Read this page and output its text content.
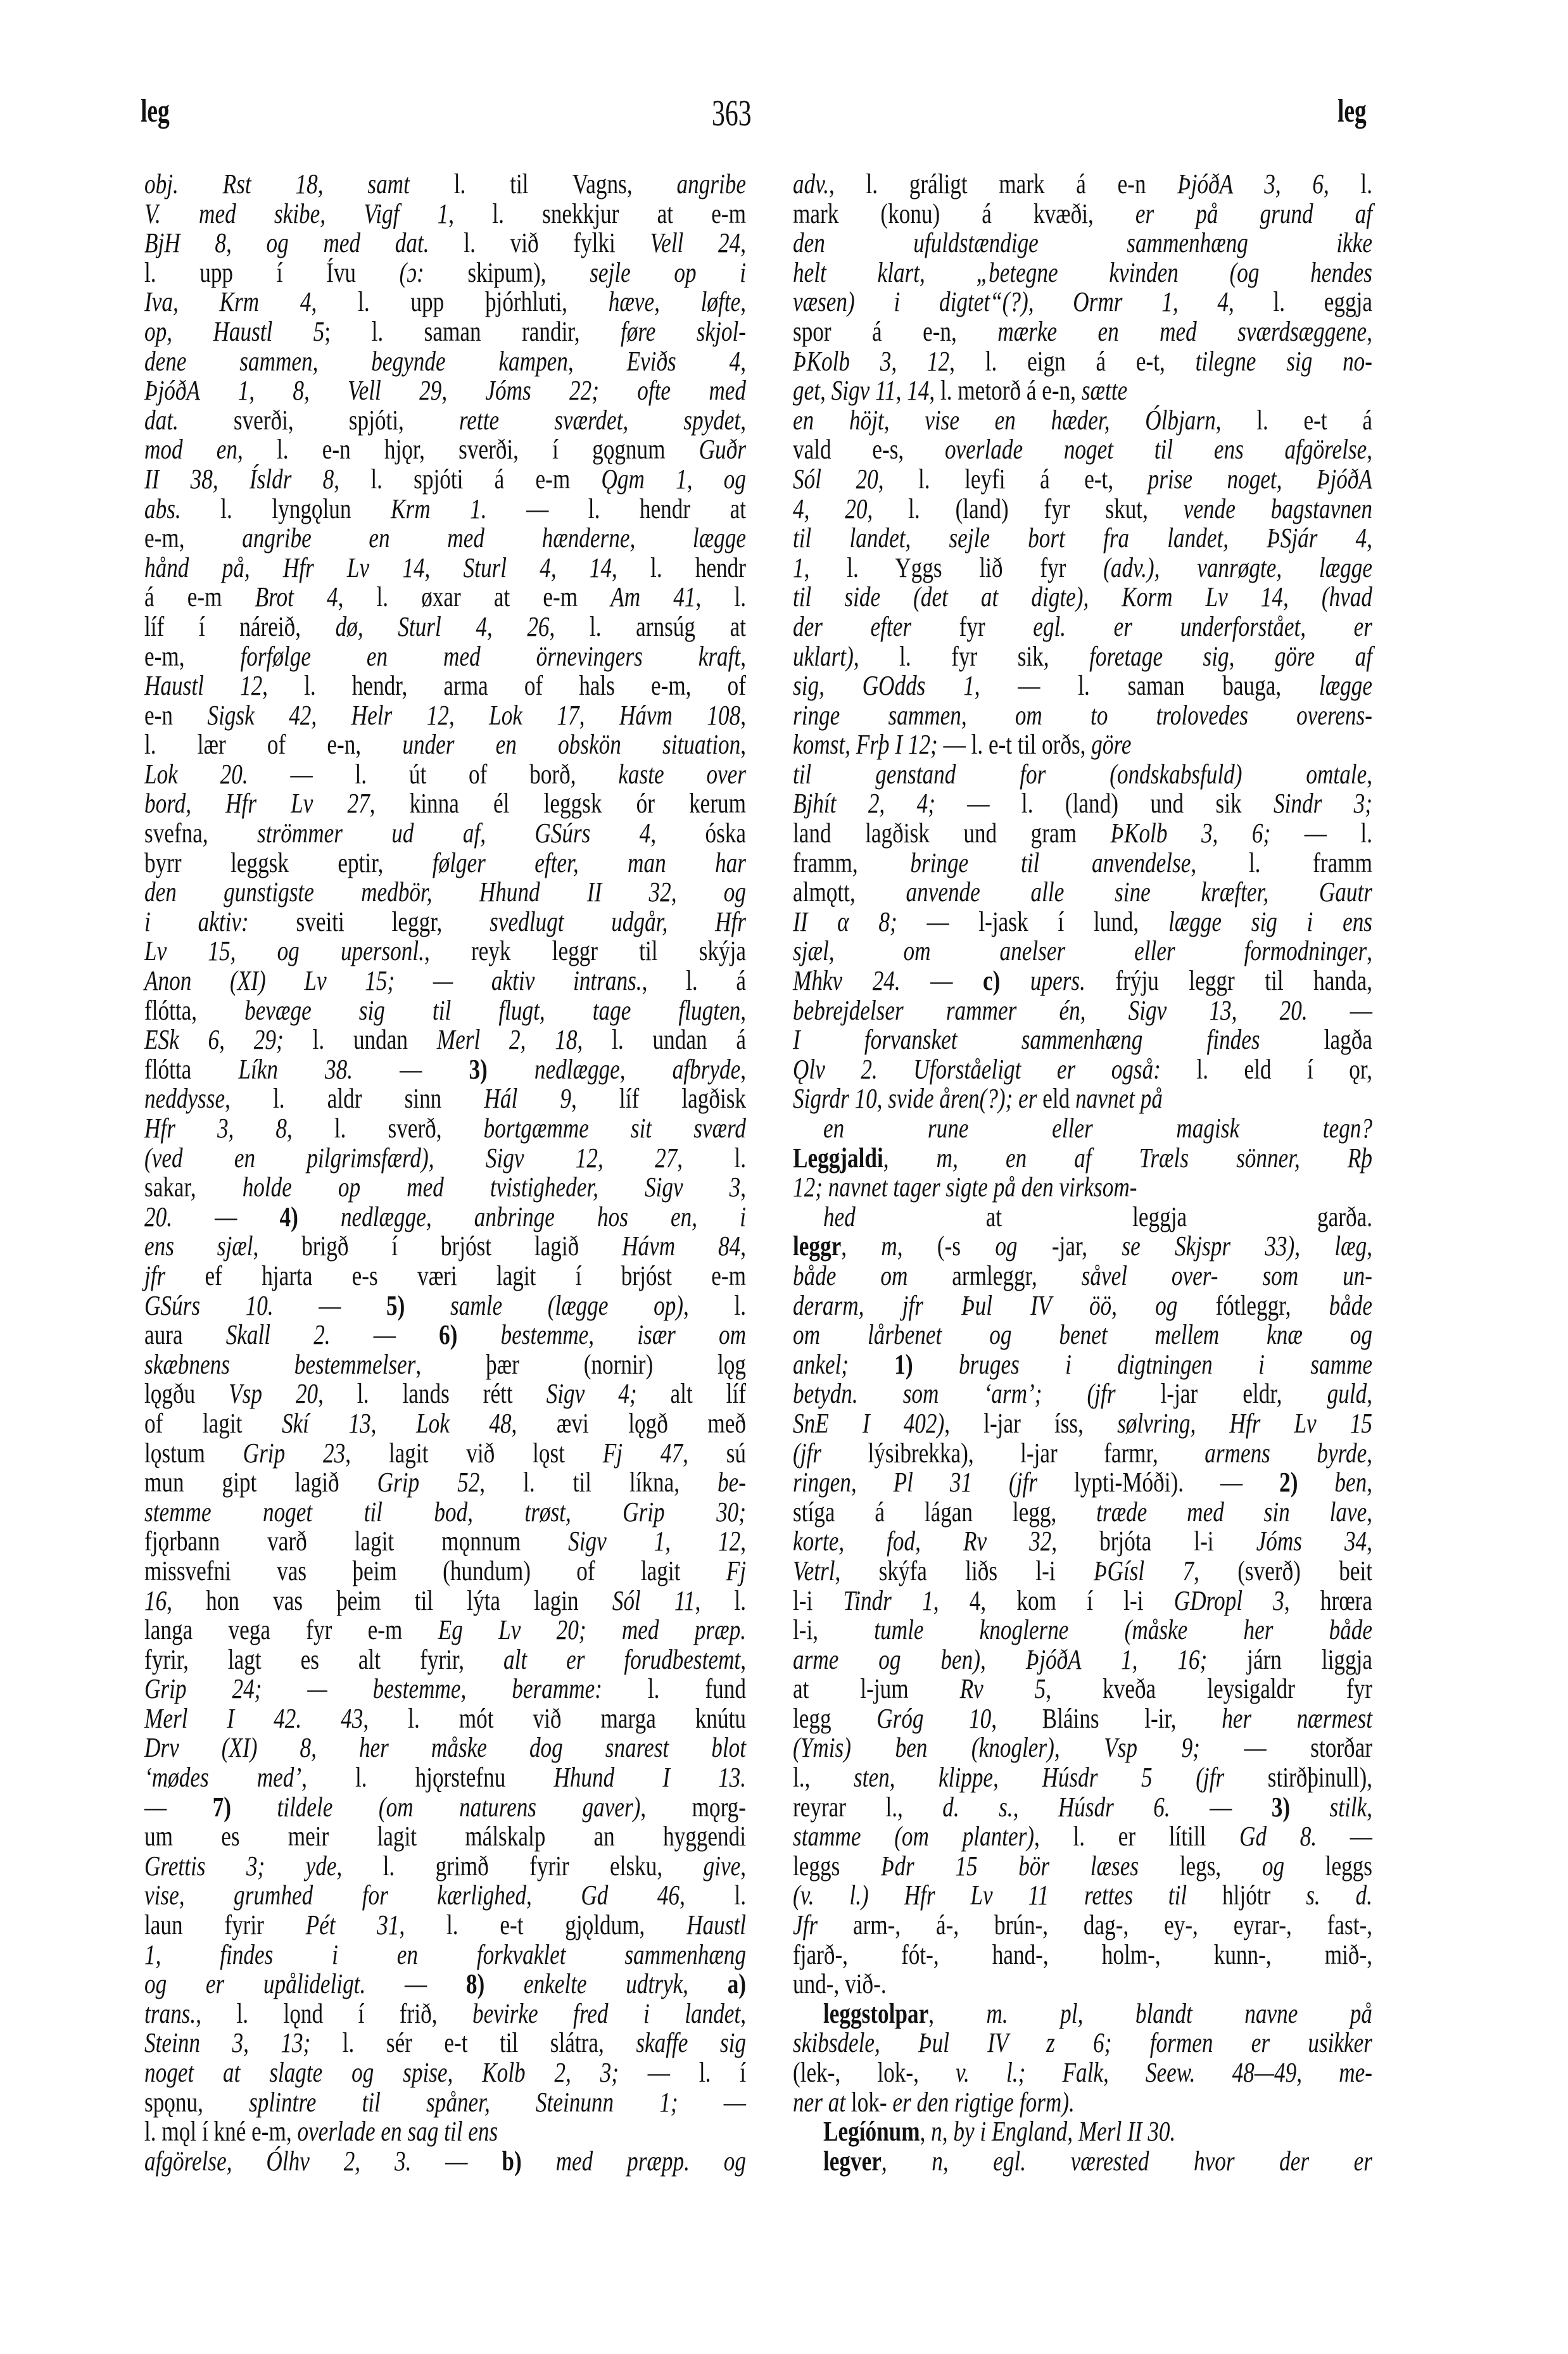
leg	363	leg
obj. Rst 18, samt l. til Vagns, angribe
V. med skibe, Vigf 1, l. snekkjur at e-m
BjH 8, og med dat. l. við fylki Vell 24,
l. upp í Ívu (ɔ: skipum), sejle op i
Iva, Krm 4, l. upp þjórhluti, hæve, løfte,
op, Haustl 5; l. saman randir, føre skjol-
dene sammen, begynde kampen, Eviðs 4,
ÞjóðA 1, 8, Vell 29, Jóms 22; ofte med
dat. sverði, spjóti, rette sværdet, spydet,
mod en, l. e-n hjǫr, sverði, í gǫgnum Guðr
II 38, Ísldr 8, l. spjóti á e-m Ǫgm 1, og
abs. l. lyngǫlun Krm 1. — l. hendr at
e-m, angribe en med hænderne, lægge
hånd på, Hfr Lv 14, Sturl 4, 14, l. hendr
á e-m Brot 4, l. øxar at e-m Am 41, l.
líf í náreið, dø, Sturl 4, 26, l. arnsúg at
e-m, forfølge en med örnevingers kraft,
Haustl 12, l. hendr, arma of hals e-m, of
e-n Sigsk 42, Helr 12, Lok 17, Hávm 108,
l. lær of e-n, under en obskön situation,
Lok 20. — l. út of borð, kaste over
bord, Hfr Lv 27, kinna él leggsk ór kerum
svefna, strömmer ud af, GSúrs 4, óska
byrr leggsk eptir, følger efter, man har
den gunstigste medbör, Hhund II 32, og
i aktiv: sveiti leggr, svedlugt udgår, Hfr
Lv 15, og upersonl., reyk leggr til skýja
Anon (XI) Lv 15; — aktiv intrans., l. á
flótta, bevæge sig til flugt, tage flugten,
ESk 6, 29; l. undan Merl 2, 18, l. undan á
flótta Líkn 38. — 3) nedlægge, afbryde,
neddysse, l. aldr sinn Hál 9, líf lagðisk
Hfr 3, 8, l. sverð, bortgæmme sit sværd
(ved en pilgrimsfærd), Sigv 12, 27, l.
sakar, holde op med tvistigheder, Sigv 3,
20. — 4) nedlægge, anbringe hos en, i
ens sjæl, brigð í brjóst lagið Hávm 84,
jfr ef hjarta e-s væri lagit í brjóst e-m
GSúrs 10. — 5) samle (lægge op), l.
aura Skall 2. — 6) bestemme, især om
skæbnens bestemmelser, þær (nornir) lǫg
lǫgðu Vsp 20, l. lands rétt Sigv 4; alt líf
of lagit Skí 13, Lok 48, ævi lǫgð með
lǫstum Grip 23, lagit við lǫst Fj 47, sú
mun gipt lagið Grip 52, l. til líkna, be-
stemme noget til bod, trøst, Grip 30;
fjǫrbann varð lagit mǫnnum Sigv 1, 12,
missvefni vas þeim (hundum) of lagit Fj
16, hon vas þeim til lýta lagin Sól 11, l.
langa vega fyr e-m Eg Lv 20; med præp.
fyrir, lagt es alt fyrir, alt er forudbestemt,
Grip 24; — bestemme, beramme: l. fund
Merl I 42. 43, l. mót við marga knútu
Drv (XI) 8, her måske dog snarest blot
‘mødes med’, l. hjǫrstefnu Hhund I 13.
— 7) tildele (om naturens gaver), mǫrg-
um es meir lagit málskalp an hyggendi
Grettis 3; yde, l. grimð fyrir elsku, give,
vise, grumhed for kærlighed, Gd 46, l.
laun fyrir Pét 31, l. e-t gjǫldum, Haustl
1, findes i en forkvaklet sammenhæng
og er upålideligt. — 8) enkelte udtryk, a)
trans., l. lǫnd í frið, bevirke fred i landet,
Steinn 3, 13; l. sér e-t til slátra, skaffe sig
noget at slagte og spise, Kolb 2, 3; — l. í
spǫnu, splintre til spåner, Steinunn 1; —
l. mǫl í kné e-m, overlade en sag til ens
afgörelse, Ólhv 2, 3. — b) med præpp. og
adv., l. gráligt mark á e-n ÞjóðA 3, 6, l.
mark (konu) á kvæði, er på grund af
den ufuldstændige sammenhæng ikke
helt klart, „betegne kvinden (og hendes
væsen) i digtet“(?), Ormr 1, 4, l. eggja
spor á e-n, mærke en med sværdsæggene,
ÞKolb 3, 12, l. eign á e-t, tilegne sig no-
get, Sigv 11, 14, l. metorð á e-n, sætte
en höjt, vise en hæder, Ólbjarn, l. e-t á
vald e-s, overlade noget til ens afgörelse,
Sól 20, l. leyfi á e-t, prise noget, ÞjóðA
4, 20, l. (land) fyr skut, vende bagstavnen
til landet, sejle bort fra landet, ÞSjár 4,
1, l. Yggs lið fyr (adv.), vanrøgte, lægge
til side (det at digte), Korm Lv 14, (hvad
der efter fyr egl. er underforstået, er
uklart), l. fyr sik, foretage sig, göre af
sig, GOdds 1, — l. saman bauga, lægge
ringe sammen, om to trolovedes overens-
komst, Frþ I 12; — l. e-t til orðs, göre
til genstand for (ondskabsfuld) omtale,
Bjhít 2, 4; — l. (land) und sik Sindr 3;
land lagðisk und gram ÞKolb 3, 6; — l.
framm, bringe til anvendelse, l. framm
almǫtt, anvende alle sine kræfter, Gautr
II α 8; — l-jask í lund, lægge sig i ens
sjæl, om anelser eller formodninger,
Mhkv 24. — c) upers. frýju leggr til handa,
bebrejdelser rammer én, Sigv 13, 20. —
I forvansket sammenhæng findes lagða
Ǫlv 2. Uforståeligt er også: l. eld í ǫr,
Sigrdr 10, svide åren(?); er eld navnet på
en rune eller magisk tegn?
Leggjaldi, m, en af Træls sönner, Rþ
12; navnet tager sigte på den virksom-
hed at leggja garða.
leggr, m, (-s og -jar, se Skjspr 33), læg,
både om armleggr, såvel over- som un-
derarm, jfr Þul IV öö, og fótleggr, både
om lårbenet og benet mellem knæ og
ankel; 1) bruges i digtningen i samme
betydn. som ‘arm’; (jfr l-jar eldr, guld,
SnE I 402), l-jar íss, sølvring, Hfr Lv 15
(jfr lýsibrekka), l-jar farmr, armens byrde,
ringen, Pl 31 (jfr lypti-Móði). — 2) ben,
stíga á lágan legg, træde med sin lave,
korte, fod, Rv 32, brjóta l-i Jóms 34,
Vetrl, skýfa liðs l-i ÞGísl 7, (sverð) beit
l-i Tindr 1, 4, kom í l-i GDropl 3, hrœra
l-i, tumle knoglerne (måske her både
arme og ben), ÞjóðA 1, 16; járn liggja
at l-jum Rv 5, kveða leysigaldr fyr
legg Gróg 10, Bláins l-ir, her nærmest
(Ymis) ben (knogler), Vsp 9; — storðar
l., sten, klippe, Húsdr 5 (jfr stirðþinull),
reyrar l., d. s., Húsdr 6. — 3) stilk,
stamme (om planter), l. er lítill Gd 8. —
leggs Þdr 15 bör læses legs, og leggs
(v. l.) Hfr Lv 11 rettes til hljótr s. d.
Jfr arm-, á-, brún-, dag-, ey-, eyrar-, fast-,
fjarð-, fót-, hand-, holm-, kunn-, mið-,
und-, við-.
leggstolpar, m. pl, blandt navne på
skibsdele, Þul IV z 6; formen er usikker
(lek-, lok-, v. l.; Falk, Seew. 48—49, me-
ner at lok- er den rigtige form).
Legíónum, n, by i England, Merl II 30.
legver, n, egl. værested hvor der er
